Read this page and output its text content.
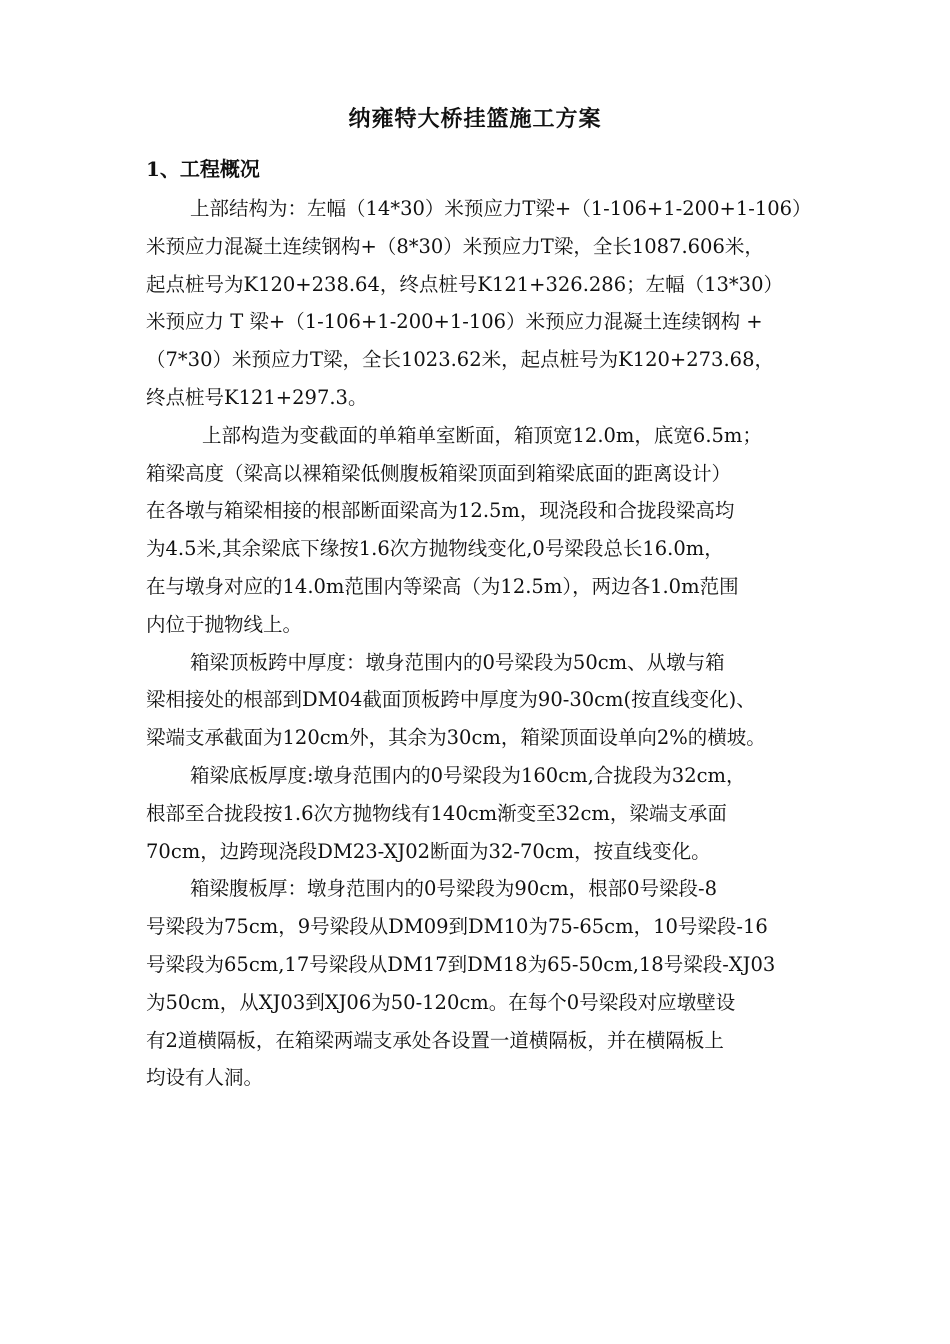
纳雍特大桥挂篮施工方案
1、工程概况
上部结构为：左幅（14*30）米预应力T梁+（1-106+1-200+1-106）
米预应力混凝土连续钢构+（8*30）米预应力T梁，全长1087.606米，
起点桩号为K120+238.64，终点桩号K121+326.286；左幅（13*30）
米预应力 T 梁+（1-106+1-200+1-106）米预应力混凝土连续钢构 +
（7*30）米预应力T梁，全长1023.62米，起点桩号为K120+273.68，
终点桩号K121+297.3。
上部构造为变截面的单箱单室断面，箱顶宽12.0m，底宽6.5m；
箱梁高度（梁高以裸箱梁低侧腹板箱梁顶面到箱梁底面的距离设计）
在各墩与箱梁相接的根部断面梁高为12.5m，现浇段和合拢段梁高均
为4.5米,其余梁底下缘按1.6次方抛物线变化,0号梁段总长16.0m，
在与墩身对应的14.0m范围内等梁高（为12.5m），两边各1.0m范围
内位于抛物线上。
箱梁顶板跨中厚度：墩身范围内的0号梁段为50cm、从墩与箱
梁相接处的根部到DM04截面顶板跨中厚度为90-30cm(按直线变化)、
梁端支承截面为120cm外，其余为30cm，箱梁顶面设单向2%的横坡。
箱梁底板厚度:墩身范围内的0号梁段为160cm,合拢段为32cm，
根部至合拢段按1.6次方抛物线有140cm渐变至32cm，梁端支承面
70cm，边跨现浇段DM23-XJ02断面为32-70cm，按直线变化。
箱梁腹板厚：墩身范围内的0号梁段为90cm，根部0号梁段-8
号梁段为75cm，9号梁段从DM09到DM10为75-65cm，10号梁段-16
号梁段为65cm,17号梁段从DM17到DM18为65-50cm,18号梁段-XJ03
为50cm，从XJ03到XJ06为50-120cm。在每个0号梁段对应墩壁设
有2道横隔板，在箱梁两端支承处各设置一道横隔板，并在横隔板上
均设有人洞。
